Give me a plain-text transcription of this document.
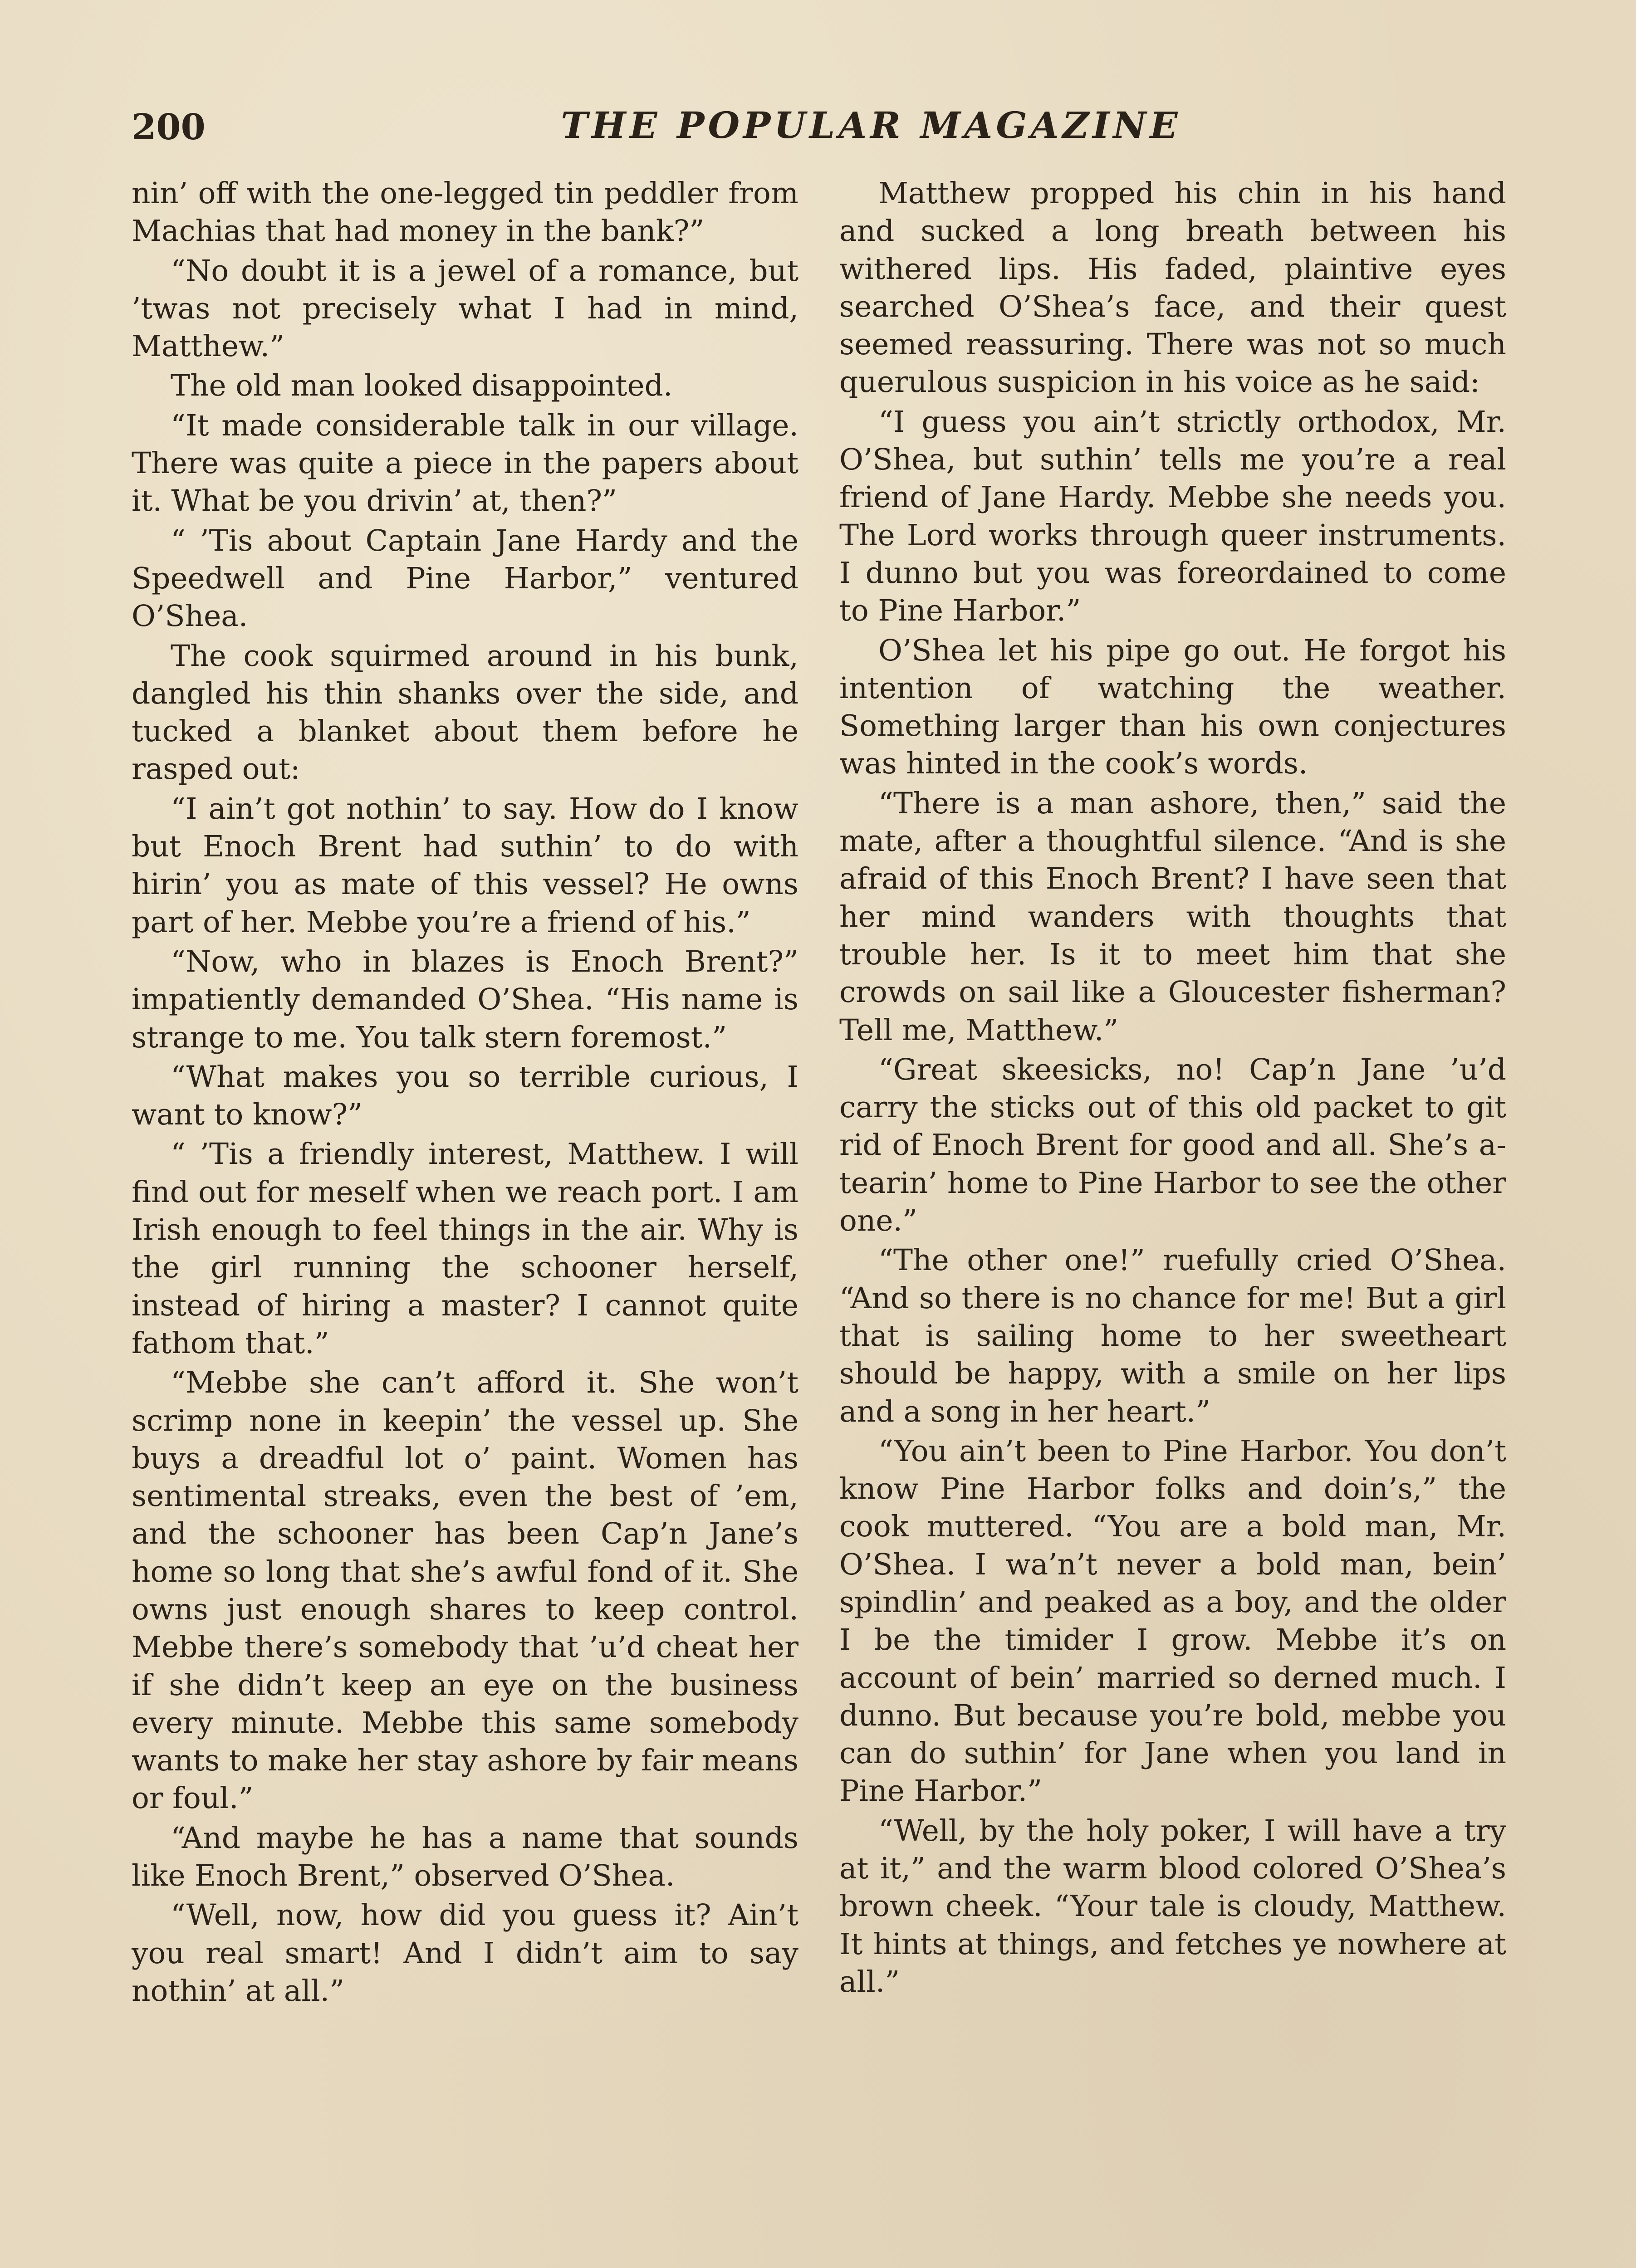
200	THE POPULAR MAGAZINE

nin’ off with the one-legged tin peddler from Machias that had money in the bank?”

“No doubt it is a jewel of a romance, but ’twas not precisely what I had in mind, Matthew.”

The old man looked disappointed.

“It made considerable talk in our village. There was quite a piece in the papers about it. What be you drivin’ at, then?”

“ ’Tis about Captain Jane Hardy and the Speedwell and Pine Harbor,” ventured O’Shea.

The cook squirmed around in his bunk, dangled his thin shanks over the side, and tucked a blanket about them before he rasped out:

“I ain’t got nothin’ to say. How do I know but Enoch Brent had suthin’ to do with hirin’ you as mate of this vessel? He owns part of her. Mebbe you’re a friend of his.”

“Now, who in blazes is Enoch Brent?” impatiently demanded O’Shea. “His name is strange to me. You talk stern foremost.”

“What makes you so terrible curious, I want to know?”

“ ’Tis a friendly interest, Matthew. I will find out for meself when we reach port. I am Irish enough to feel things in the air. Why is the girl running the schooner herself, instead of hiring a master? I cannot quite fathom that.”

“Mebbe she can’t afford it. She won’t scrimp none in keepin’ the vessel up. She buys a dreadful lot o’ paint. Women has sentimental streaks, even the best of ’em, and the schooner has been Cap’n Jane’s home so long that she’s awful fond of it. She owns just enough shares to keep control. Mebbe there’s somebody that ’u’d cheat her if she didn’t keep an eye on the business every minute. Mebbe this same somebody wants to make her stay ashore by fair means or foul.”

“And maybe he has a name that sounds like Enoch Brent,” observed O’Shea.

“Well, now, how did you guess it? Ain’t you real smart! And I didn’t aim to say nothin’ at all.”

Matthew propped his chin in his hand and sucked a long breath between his withered lips. His faded, plaintive eyes searched O’Shea’s face, and their quest seemed reassuring. There was not so much querulous suspicion in his voice as he said:

“I guess you ain’t strictly orthodox, Mr. O’Shea, but suthin’ tells me you’re a real friend of Jane Hardy. Mebbe she needs you. The Lord works through queer instruments. I dunno but you was foreordained to come to Pine Harbor.”

O’Shea let his pipe go out. He forgot his intention of watching the weather. Something larger than his own conjectures was hinted in the cook’s words.

“There is a man ashore, then,” said the mate, after a thoughtful silence. “And is she afraid of this Enoch Brent? I have seen that her mind wanders with thoughts that trouble her. Is it to meet him that she crowds on sail like a Gloucester fisherman? Tell me, Matthew.”

“Great skeesicks, no! Cap’n Jane ’u’d carry the sticks out of this old packet to git rid of Enoch Brent for good and all. She’s a-tearin’ home to Pine Harbor to see the other one.”

“The other one!” ruefully cried O’Shea. “And so there is no chance for me! But a girl that is sailing home to her sweetheart should be happy, with a smile on her lips and a song in her heart.”

“You ain’t been to Pine Harbor. You don’t know Pine Harbor folks and doin’s,” the cook muttered. “You are a bold man, Mr. O’Shea. I wa’n’t never a bold man, bein’ spindlin’ and peaked as a boy, and the older I be the timider I grow. Mebbe it’s on account of bein’ married so derned much. I dunno. But because you’re bold, mebbe you can do suthin’ for Jane when you land in Pine Harbor.”

“Well, by the holy poker, I will have a try at it,” and the warm blood colored O’Shea’s brown cheek. “Your tale is cloudy, Matthew. It hints at things, and fetches ye nowhere at all.”
